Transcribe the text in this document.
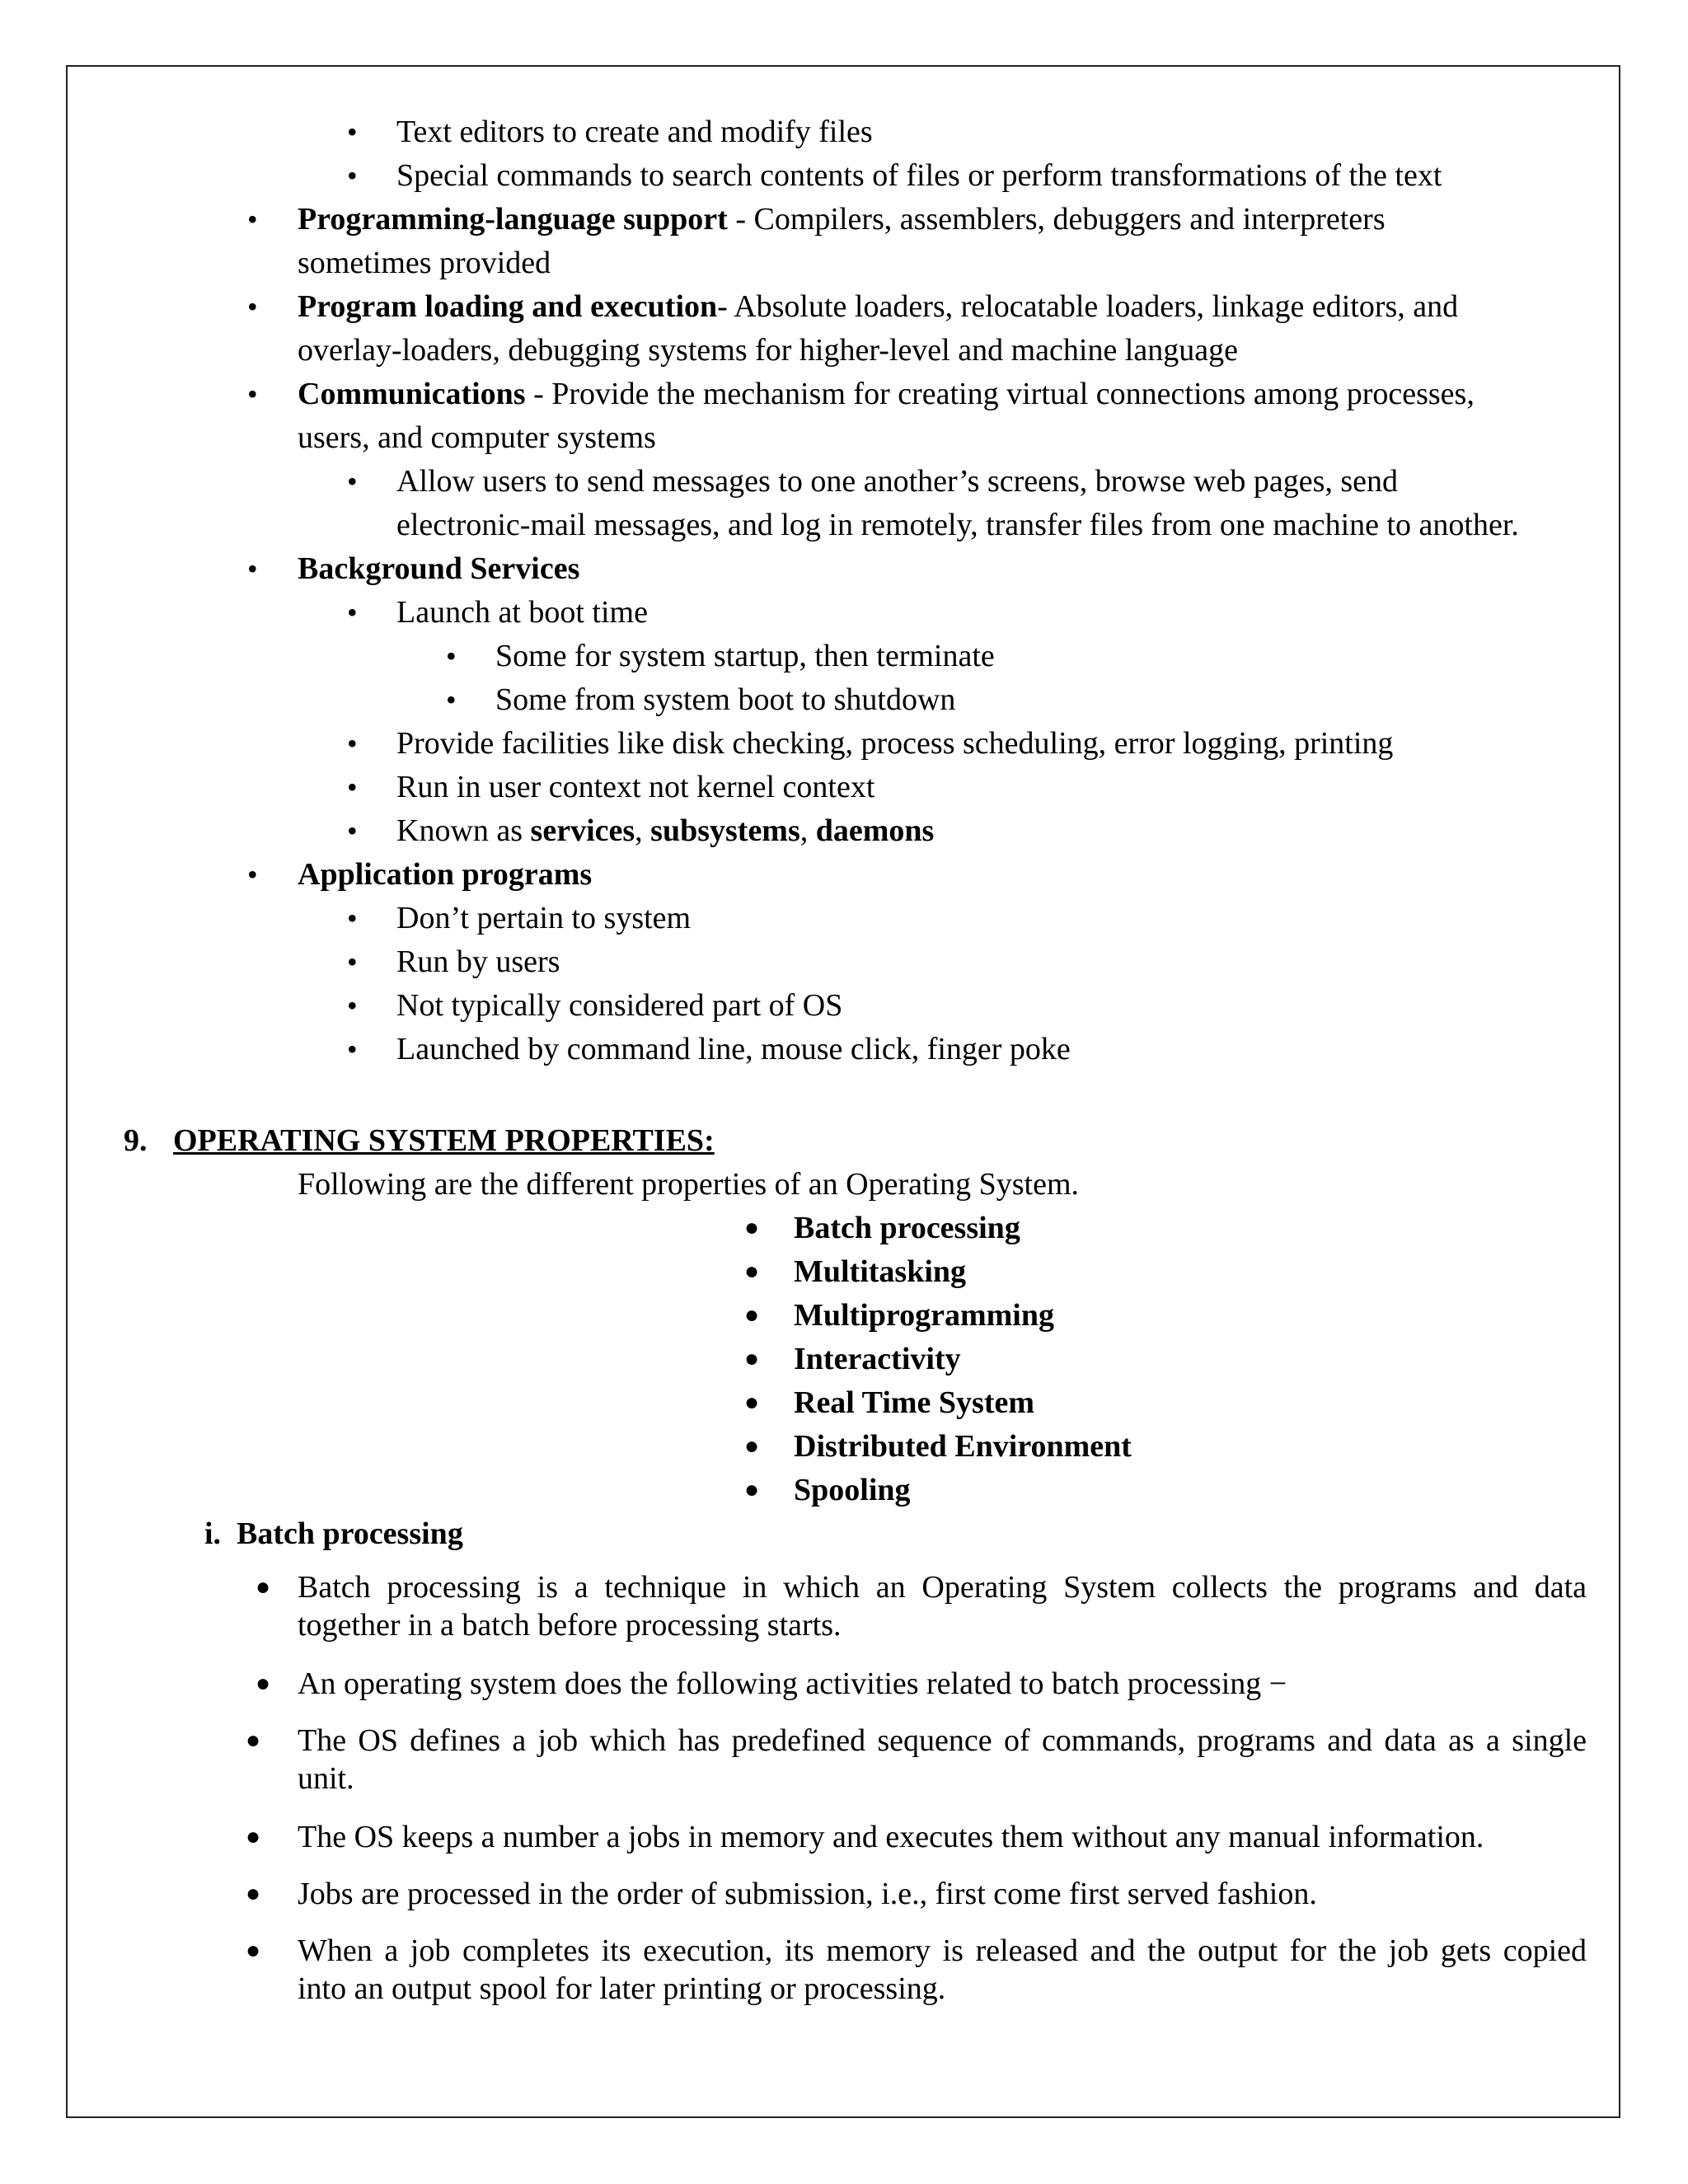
• Text editors to create and modify files
• Special commands to search contents of files or perform transformations of the text
• Programming-language support - Compilers, assemblers, debuggers and interpreters
sometimes provided
• Program loading and execution- Absolute loaders, relocatable loaders, linkage editors, and
overlay-loaders, debugging systems for higher-level and machine language
• Communications - Provide the mechanism for creating virtual connections among processes,
users, and computer systems
• Allow users to send messages to one another’s screens, browse web pages, send
electronic-mail messages, and log in remotely, transfer files from one machine to another.
• Background Services
• Launch at boot time
• Some for system startup, then terminate
• Some from system boot to shutdown
• Provide facilities like disk checking, process scheduling, error logging, printing
• Run in user context not kernel context
• Known as services, subsystems, daemons
• Application programs
• Don’t pertain to system
• Run by users
• Not typically considered part of OS
• Launched by command line, mouse click, finger poke
9. OPERATING SYSTEM PROPERTIES:
Following are the different properties of an Operating System.
● Batch processing
● Multitasking
● Multiprogramming
● Interactivity
● Real Time System
● Distributed Environment
● Spooling
i. Batch processing
● Batch processing is a technique in which an Operating System collects the programs and data
together in a batch before processing starts.
● An operating system does the following activities related to batch processing −
● The OS defines a job which has predefined sequence of commands, programs and data as a single
unit.
● The OS keeps a number a jobs in memory and executes them without any manual information.
● Jobs are processed in the order of submission, i.e., first come first served fashion.
● When a job completes its execution, its memory is released and the output for the job gets copied
into an output spool for later printing or processing.
